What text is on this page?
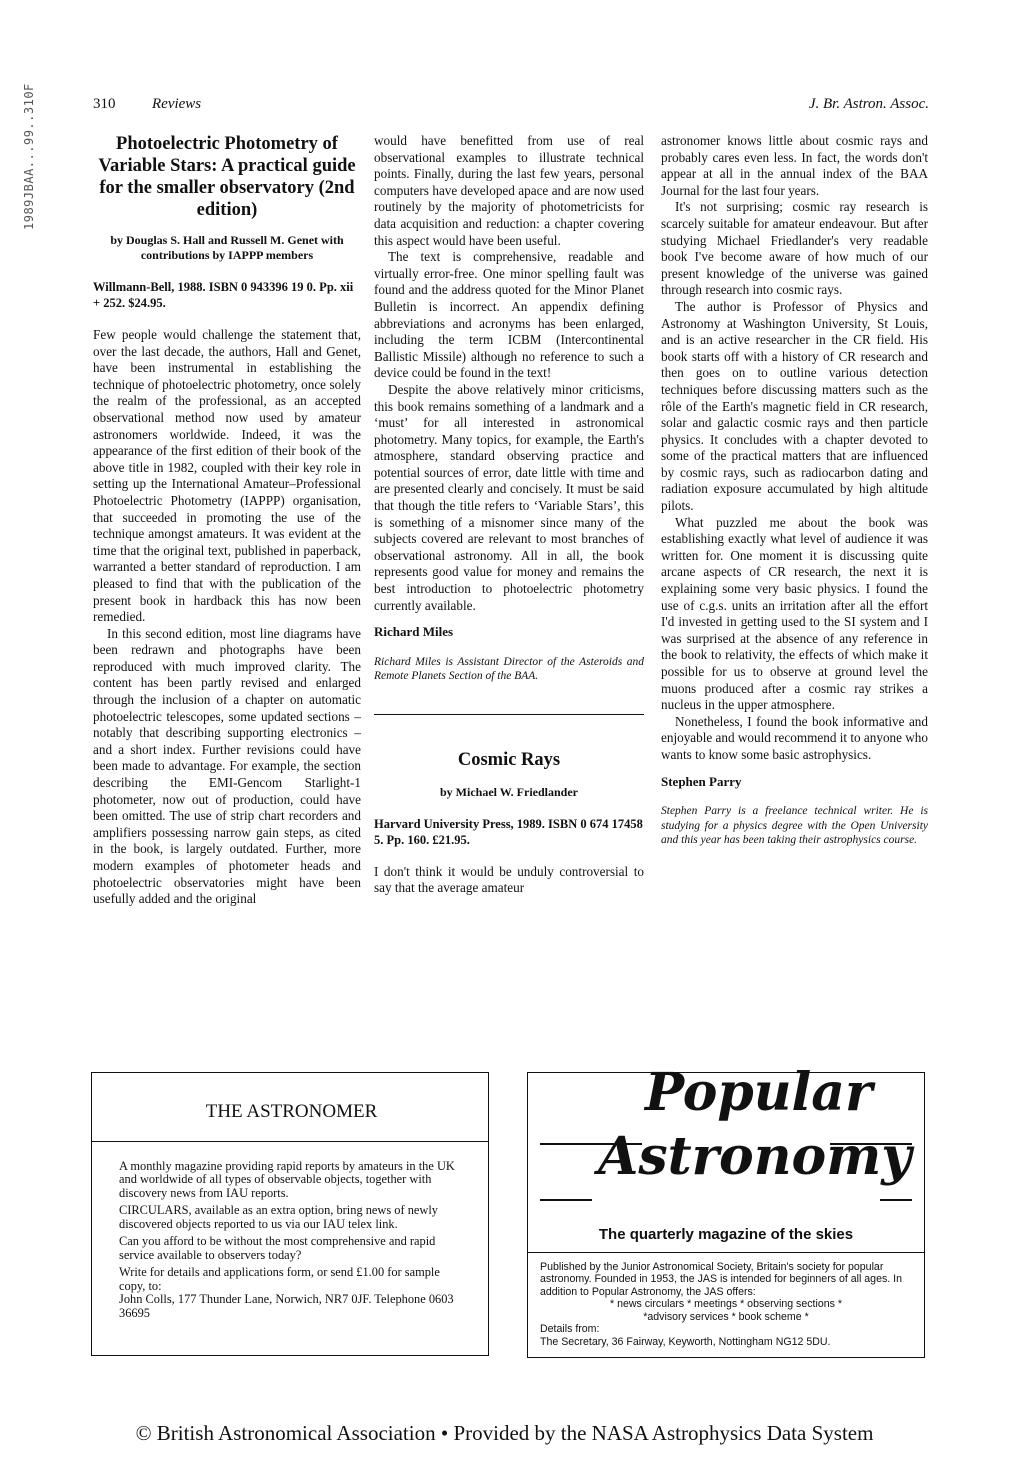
1989JBAA...99..310F	310 Reviews	J. Br. Astron. Assoc.
Photoelectric Photometry of Variable Stars: A practical guide for the smaller observatory (2nd edition)
by Douglas S. Hall and Russell M. Genet with contributions by IAPPP members
Willmann-Bell, 1988. ISBN 0 943396 19 0. Pp. xii + 252. $24.95.

Few people would challenge the statement that, over the last decade, the authors, Hall and Genet, have been instrumental in establishing the technique of photoelectric photometry, once solely the realm of the professional, as an accepted observational method now used by amateur astronomers worldwide. Indeed, it was the appearance of the first edition of their book of the above title in 1982, coupled with their key role in setting up the International Amateur–Professional Photoelectric Photometry (IAPPP) organisation, that succeeded in promoting the use of the technique amongst amateurs. It was evident at the time that the original text, published in paperback, warranted a better standard of reproduction. I am pleased to find that with the publication of the present book in hardback this has now been remedied.

In this second edition, most line diagrams have been redrawn and photographs have been reproduced with much improved clarity. The content has been partly revised and enlarged through the inclusion of a chapter on automatic photoelectric telescopes, some updated sections – notably that describing supporting electronics – and a short index. Further revisions could have been made to advantage. For example, the section describing the EMI-Gencom Starlight-1 photometer, now out of production, could have been omitted. The use of strip chart recorders and amplifiers possessing narrow gain steps, as cited in the book, is largely outdated. Further, more modern examples of photometer heads and photoelectric observatories might have been usefully added and the original

would have benefitted from use of real observational examples to illustrate technical points. Finally, during the last few years, personal computers have developed apace and are now used routinely by the majority of photometricists for data acquisition and reduction: a chapter covering this aspect would have been useful.

The text is comprehensive, readable and virtually error-free. One minor spelling fault was found and the address quoted for the Minor Planet Bulletin is incorrect. An appendix defining abbreviations and acronyms has been enlarged, including the term ICBM (Intercontinental Ballistic Missile) although no reference to such a device could be found in the text!

Despite the above relatively minor criticisms, this book remains something of a landmark and a ‘must’ for all interested in astronomical photometry. Many topics, for example, the Earth's atmosphere, standard observing practice and potential sources of error, date little with time and are presented clearly and concisely. It must be said that though the title refers to ‘Variable Stars’, this is something of a misnomer since many of the subjects covered are relevant to most branches of observational astronomy. All in all, the book represents good value for money and remains the best introduction to photoelectric photometry currently available.

Richard Miles
Richard Miles is Assistant Director of the Asteroids and Remote Planets Section of the BAA.
Cosmic Rays
by Michael W. Friedlander
Harvard University Press, 1989. ISBN 0 674 17458 5. Pp. 160. £21.95.

I don't think it would be unduly controversial to say that the average amateur

astronomer knows little about cosmic rays and probably cares even less. In fact, the words don't appear at all in the annual index of the BAA Journal for the last four years.

It's not surprising; cosmic ray research is scarcely suitable for amateur endeavour. But after studying Michael Friedlander's very readable book I've become aware of how much of our present knowledge of the universe was gained through research into cosmic rays.

The author is Professor of Physics and Astronomy at Washington University, St Louis, and is an active researcher in the CR field. His book starts off with a history of CR research and then goes on to outline various detection techniques before discussing matters such as the rôle of the Earth's magnetic field in CR research, solar and galactic cosmic rays and then particle physics. It concludes with a chapter devoted to some of the practical matters that are influenced by cosmic rays, such as radiocarbon dating and radiation exposure accumulated by high altitude pilots.

What puzzled me about the book was establishing exactly what level of audience it was written for. One moment it is discussing quite arcane aspects of CR research, the next it is explaining some very basic physics. I found the use of c.g.s. units an irritation after all the effort I'd invested in getting used to the SI system and I was surprised at the absence of any reference in the book to relativity, the effects of which make it possible for us to observe at ground level the muons produced after a cosmic ray strikes a nucleus in the upper atmosphere.

Nonetheless, I found the book informative and enjoyable and would recommend it to anyone who wants to know some basic astrophysics.

Stephen Parry
Stephen Parry is a freelance technical writer. He is studying for a physics degree with the Open University and this year has been taking their astrophysics course.
THE ASTRONOMER

A monthly magazine providing rapid reports by amateurs in the UK and worldwide of all types of observable objects, together with discovery news from IAU reports.

CIRCULARS, available as an extra option, bring news of newly discovered objects reported to us via our IAU telex link.

Can you afford to be without the most comprehensive and rapid service available to observers today?

Write for details and applications form, or send £1.00 for sample copy, to:

John Colls, 177 Thunder Lane, Norwich, NR7 0JF. Telephone 0603 36695

Popular
Astronomy
The quarterly magazine of the skies

Published by the Junior Astronomical Society, Britain's society for popular astronomy. Founded in 1953, the JAS is intended for beginners of all ages. In addition to Popular Astronomy, the JAS offers:

* news circulars * meetings * observing sections *

*advisory services * book scheme *

Details from:

The Secretary, 36 Fairway, Keyworth, Nottingham NG12 5DU.

© British Astronomical Association • Provided by the NASA Astrophysics Data System
